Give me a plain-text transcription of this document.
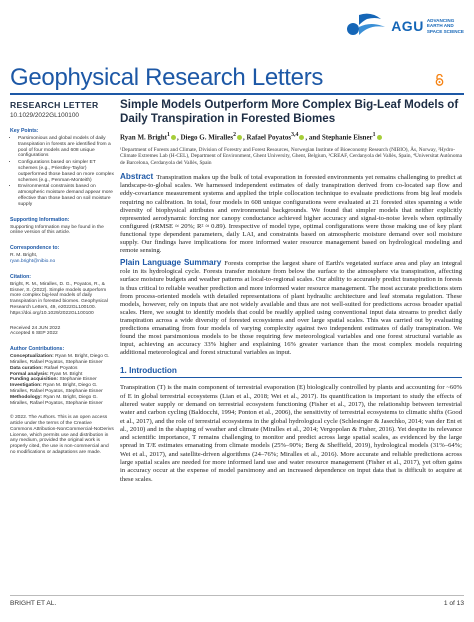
AGU ADVANCING
EARTH AND
SPACE SCIENCE
Geophysical Research Letters
RESEARCH LETTER
10.1029/2022GL100100
Key Points:
• Parsimonious and global models of daily transpiration in forests are identified from a pool of four models and 608 unique configurations
• Configurations based on simpler ET schemes (e.g., Priestley-Taylor) outperformed those based on more complex schemes (e.g., Penman-Monteith)
• Environmental constraints based on atmospheric moisture demand appear more effective than those based on soil moisture supply
Supporting Information:
Supporting Information may be found in the online version of this article.
Correspondence to:
R. M. Bright,
ryan.bright@nibio.no
Citation:
Bright, R. M., Miralles, D. G., Poyatos, R., & Eisner, S. (2022). Simple models outperform more complex big-leaf models of daily transpiration in forested biomes. Geophysical Research Letters, 49, e2022GL100100. https://doi.org/10.1029/2022GL100100
Received 24 JUN 2022
Accepted 6 SEP 2022
Author Contributions:
Conceptualization: Ryan M. Bright, Diego G. Miralles, Rafael Poyatos, Stephanie Eisner
Data curation: Rafael Poyatos
Formal analysis: Ryan M. Bright
Funding acquisition: Stephanie Eisner
Investigation: Ryan M. Bright, Diego G. Miralles, Rafael Poyatos, Stephanie Eisner
Methodology: Ryan M. Bright, Diego G. Miralles, Rafael Poyatos, Stephanie Eisner
© 2022. The Authors. This is an open access article under the terms of the Creative Commons Attribution-NonCommercial-NoDerivs License, which permits use and distribution in any medium, provided the original work is properly cited, the use is non-commercial and no modifications or adaptations are made.
Simple Models Outperform More Complex Big-Leaf Models of Daily Transpiration in Forested Biomes
Ryan M. Bright$^1$ , Diego G. Miralles$^2$ , Rafael Poyatos$^{3,4}$ , and Stephanie Eisner$^1$
¹Department of Forests and Climate, Division of Forestry and Forest Resources, Norwegian Institute of Bioeconomy Research (NIBIO), Ås, Norway, ²Hydro-Climate Extremes Lab (H-CEL), Department of Environment, Ghent University, Ghent, Belgium, ³CREAF, Cerdanyola del Vallès, Spain, ⁴Universitat Autònoma de Barcelona, Cerdanyola del Vallès, Spain
Abstract Transpiration makes up the bulk of total evaporation in forested environments yet remains challenging to predict at landscape-to-global scales. We harnessed independent estimates of daily transpiration derived from co-located sap flow and eddy-covariance measurement systems and applied the triple collocation technique to evaluate predictions from big leaf models requiring no calibration. In total, four models in 608 unique configurations were evaluated at 21 forested sites spanning a wide diversity of biophysical attributes and environmental backgrounds. We found that simpler models that neither explicitly represented aerodynamic forcing nor canopy conductance achieved higher accuracy and signal-to-noise levels when optimally configured (rRMSE ≈ 20%; R² ≈ 0.89). Irrespective of model type, optimal configurations were those making use of key plant functional type dependent parameters, daily LAI, and constraints based on atmospheric moisture demand over soil moisture supply. Our findings have implications for more informed water resource management based on hydrological modeling and remote sensing.
Plain Language Summary Forests comprise the largest share of Earth's vegetated surface area and play an integral role in its hydrological cycle. Forests transfer moisture from below the surface to the atmosphere via transpiration, affecting surface moisture budgets and weather patterns at local-to-regional scales. Our ability to accurately predict transpiration in forests is thus critical to reliable weather prediction and more informed water resource management. The most accurate predictions stem from process-oriented models with detailed representations of plant hydraulic architecture and leaf stomata regulation. These models, however, rely on inputs that are not widely available and thus are not well-suited for predictions across broader spatial scales. Here, we sought to identify models that could be readily applied using conventional input data streams to predict daily transpiration across a wide diversity of forested ecosystems and over large spatial scales. This was carried out by evaluating predictions emanating from four models of varying complexity against two independent estimates of daily transpiration. We found the most parsimonious models to be those requiring few meteorological variables and one forest structural variable as input, achieving an accuracy 33% higher and explaining 16% greater variance than the most complex models requiring additional meteorological and forest structural variables as input.
1. Introduction
Transpiration (T) is the main component of terrestrial evaporation (E) biologically controlled by plants and accounting for ~60% of E in global terrestrial ecosystems (Lian et al., 2018; Wei et al., 2017). Its quantification is important to study the effects of altered water supply or demand on terrestrial ecosystem functioning (Fisher et al., 2017), the relationship between terrestrial water and carbon cycling (Baldocchi, 1994; Ponton et al., 2006), the sensitivity of terrestrial ecosystems to climatic shifts (Good et al., 2017), and the role of terrestrial ecosystems in the global hydrological cycle (Schlesinger & Jasechko, 2014; van der Ent et al., 2010) and in the shaping of weather and climate (Miralles et al., 2014; Vergopolan & Fisher, 2016). Yet despite its relevance and scientific importance, T remains challenging to monitor and predict across large spatial scales, as evidenced by the large spread in T/E estimates emanating from climate models (25%–90%; Berg & Sheffield, 2019), hydrological models (31%–64%; Wei et al., 2017), and satellite-driven algorithms (24–76%; Miralles et al., 2016). More accurate and reliable predictions across large spatial scales are needed for more informed land use and water resource management (Fisher et al., 2017), yet often gains in accuracy occur at the expense of model parsimony and an increased dependence on input data that is difficult to acquire at these scales.
BRIGHT ET AL.	1 of 13
